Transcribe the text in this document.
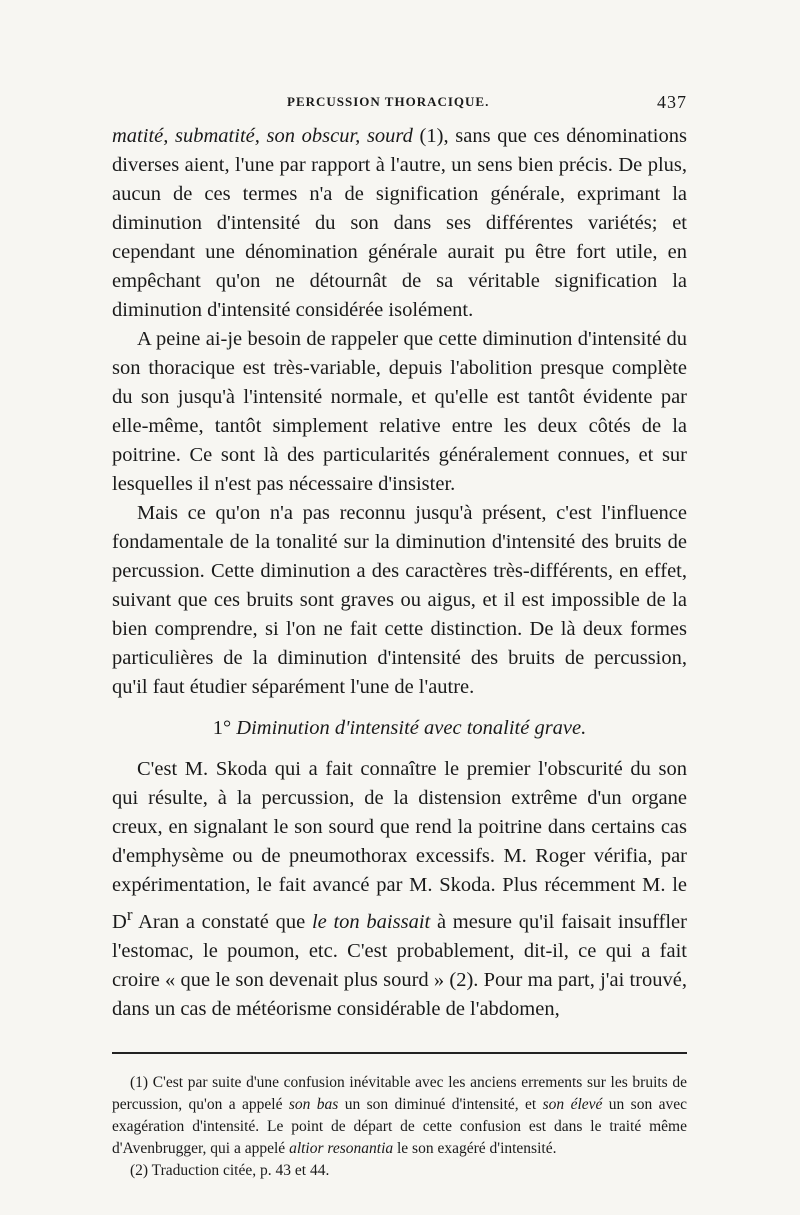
PERCUSSION THORACIQUE.	437

matité, submatité, son obscur, sourd (1), sans que ces dénominations diverses aient, l'une par rapport à l'autre, un sens bien précis. De plus, aucun de ces termes n'a de signification générale, exprimant la diminution d'intensité du son dans ses différentes variétés; et cependant une dénomination générale aurait pu être fort utile, en empêchant qu'on ne détournât de sa véritable signification la diminution d'intensité considérée isolément.

A peine ai-je besoin de rappeler que cette diminution d'intensité du son thoracique est très-variable, depuis l'abolition presque complète du son jusqu'à l'intensité normale, et qu'elle est tantôt évidente par elle-même, tantôt simplement relative entre les deux côtés de la poitrine. Ce sont là des particularités généralement connues, et sur lesquelles il n'est pas nécessaire d'insister.

Mais ce qu'on n'a pas reconnu jusqu'à présent, c'est l'influence fondamentale de la tonalité sur la diminution d'intensité des bruits de percussion. Cette diminution a des caractères très-différents, en effet, suivant que ces bruits sont graves ou aigus, et il est impossible de la bien comprendre, si l'on ne fait cette distinction. De là deux formes particulières de la diminution d'intensité des bruits de percussion, qu'il faut étudier séparément l'une de l'autre.

1° Diminution d'intensité avec tonalité grave.

C'est M. Skoda qui a fait connaître le premier l'obscurité du son qui résulte, à la percussion, de la distension extrême d'un organe creux, en signalant le son sourd que rend la poitrine dans certains cas d'emphysème ou de pneumothorax excessifs. M. Roger vérifia, par expérimentation, le fait avancé par M. Skoda. Plus récemment M. le $D^r$ Aran a constaté que le ton baissait à mesure qu'il faisait insuffler l'estomac, le poumon, etc. C'est probablement, dit-il, ce qui a fait croire « que le son devenait plus sourd » (2). Pour ma part, j'ai trouvé, dans un cas de météorisme considérable de l'abdomen,

(1) C'est par suite d'une confusion inévitable avec les anciens errements sur les bruits de percussion, qu'on a appelé son bas un son diminué d'intensité, et son élevé un son avec exagération d'intensité. Le point de départ de cette confusion est dans le traité même d'Avenbrugger, qui a appelé altior resonantia le son exagéré d'intensité.

(2) Traduction citée, p. 43 et 44.
